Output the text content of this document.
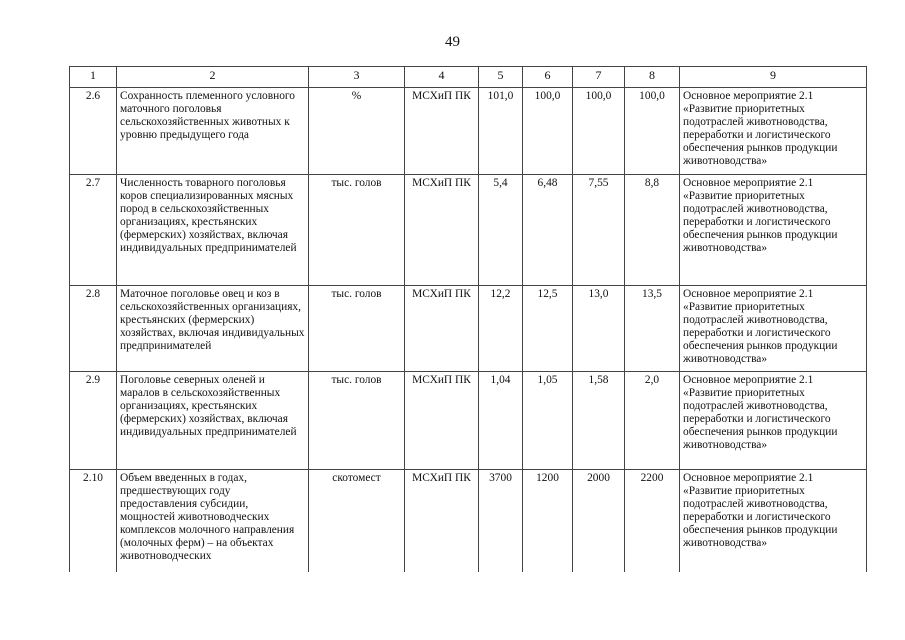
49
1	2	3	4	5	6	7	8	9
2.6	Сохранность племенного условного маточного поголовья сельскохозяйственных животных к уровню предыдущего года	%	МСХиП ПК	101,0	100,0	100,0	100,0	Основное мероприятие 2.1 «Развитие приоритетных подотраслей животноводства, переработки и логистического обеспечения рынков продукции животноводства»
2.7	Численность товарного поголовья коров специализированных мясных пород в сельскохозяйственных организациях, крестьянских (фермерских) хозяйствах, включая индивидуальных предпринимателей	тыс. голов	МСХиП ПК	5,4	6,48	7,55	8,8	Основное мероприятие 2.1 «Развитие приоритетных подотраслей животноводства, переработки и логистического обеспечения рынков продукции животноводства»
2.8	Маточное поголовье овец и коз в сельскохозяйственных организациях, крестьянских (фермерских) хозяйствах, включая индивидуальных предпринимателей	тыс. голов	МСХиП ПК	12,2	12,5	13,0	13,5	Основное мероприятие 2.1 «Развитие приоритетных подотраслей животноводства, переработки и логистического обеспечения рынков продукции животноводства»
2.9	Поголовье северных оленей и маралов в сельскохозяйственных организациях, крестьянских (фермерских) хозяйствах, включая индивидуальных предпринимателей	тыс. голов	МСХиП ПК	1,04	1,05	1,58	2,0	Основное мероприятие 2.1 «Развитие приоритетных подотраслей животноводства, переработки и логистического обеспечения рынков продукции животноводства»
2.10	Объем введенных в годах, предшествующих году предоставления субсидии, мощностей животноводческих комплексов молочного направления (молочных ферм) – на объектах животноводческих	скотомест	МСХиП ПК	3700	1200	2000	2200	Основное мероприятие 2.1 «Развитие приоритетных подотраслей животноводства, переработки и логистического обеспечения рынков продукции животноводства»
